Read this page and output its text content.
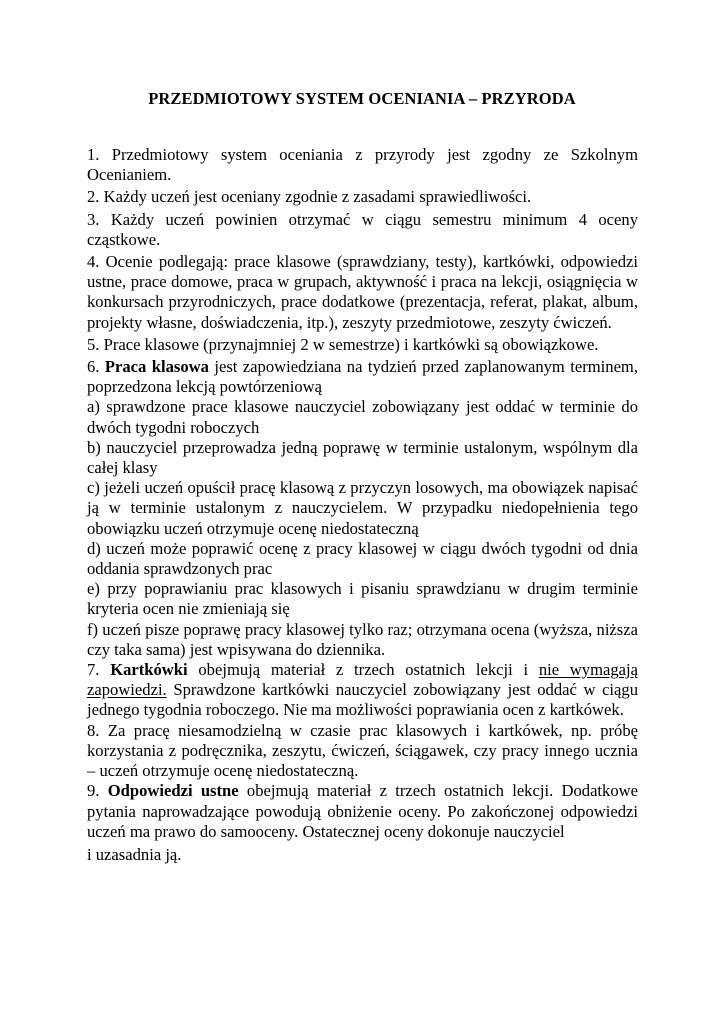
PRZEDMIOTOWY SYSTEM OCENIANIA – PRZYRODA

1. Przedmiotowy system oceniania z przyrody jest zgodny ze Szkolnym Ocenianiem.

2. Każdy uczeń jest oceniany zgodnie z zasadami sprawiedliwości.

3. Każdy uczeń powinien otrzymać w ciągu semestru minimum 4 oceny cząstkowe.

4. Ocenie podlegają: prace klasowe (sprawdziany, testy), kartkówki, odpowiedzi ustne, prace domowe, praca w grupach, aktywność i praca na lekcji, osiągnięcia w konkursach przyrodniczych, prace dodatkowe (prezentacja, referat, plakat, album, projekty własne, doświadczenia, itp.), zeszyty przedmiotowe, zeszyty ćwiczeń.

5. Prace klasowe (przynajmniej 2 w semestrze) i kartkówki są obowiązkowe.

6. Praca klasowa jest zapowiedziana na tydzień przed zaplanowanym terminem, poprzedzona lekcją powtórzeniową

a) sprawdzone prace klasowe nauczyciel zobowiązany jest oddać w terminie do dwóch tygodni roboczych

b) nauczyciel przeprowadza jedną poprawę w terminie ustalonym, wspólnym dla całej klasy

c) jeżeli uczeń opuścił pracę klasową z przyczyn losowych, ma obowiązek napisać ją w terminie ustalonym z nauczycielem. W przypadku niedopełnienia tego obowiązku uczeń otrzymuje ocenę niedostateczną

d) uczeń może poprawić ocenę z pracy klasowej w ciągu dwóch tygodni od dnia oddania sprawdzonych prac

e) przy poprawianiu prac klasowych i pisaniu sprawdzianu w drugim terminie kryteria ocen nie zmieniają się

f) uczeń pisze poprawę pracy klasowej tylko raz; otrzymana ocena (wyższa, niższa czy taka sama) jest wpisywana do dziennika.

7. Kartkówki obejmują materiał z trzech ostatnich lekcji i nie wymagają zapowiedzi. Sprawdzone kartkówki nauczyciel zobowiązany jest oddać w ciągu jednego tygodnia roboczego. Nie ma możliwości poprawiania ocen z kartkówek.

8. Za pracę niesamodzielną w czasie prac klasowych i kartkówek, np. próbę korzystania z podręcznika, zeszytu, ćwiczeń, ściągawek, czy pracy innego ucznia – uczeń otrzymuje ocenę niedostateczną.

9. Odpowiedzi ustne obejmują materiał z trzech ostatnich lekcji. Dodatkowe pytania naprowadzające powodują obniżenie oceny. Po zakończonej odpowiedzi uczeń ma prawo do samooceny. Ostatecznej oceny dokonuje nauczyciel

i uzasadnia ją.
